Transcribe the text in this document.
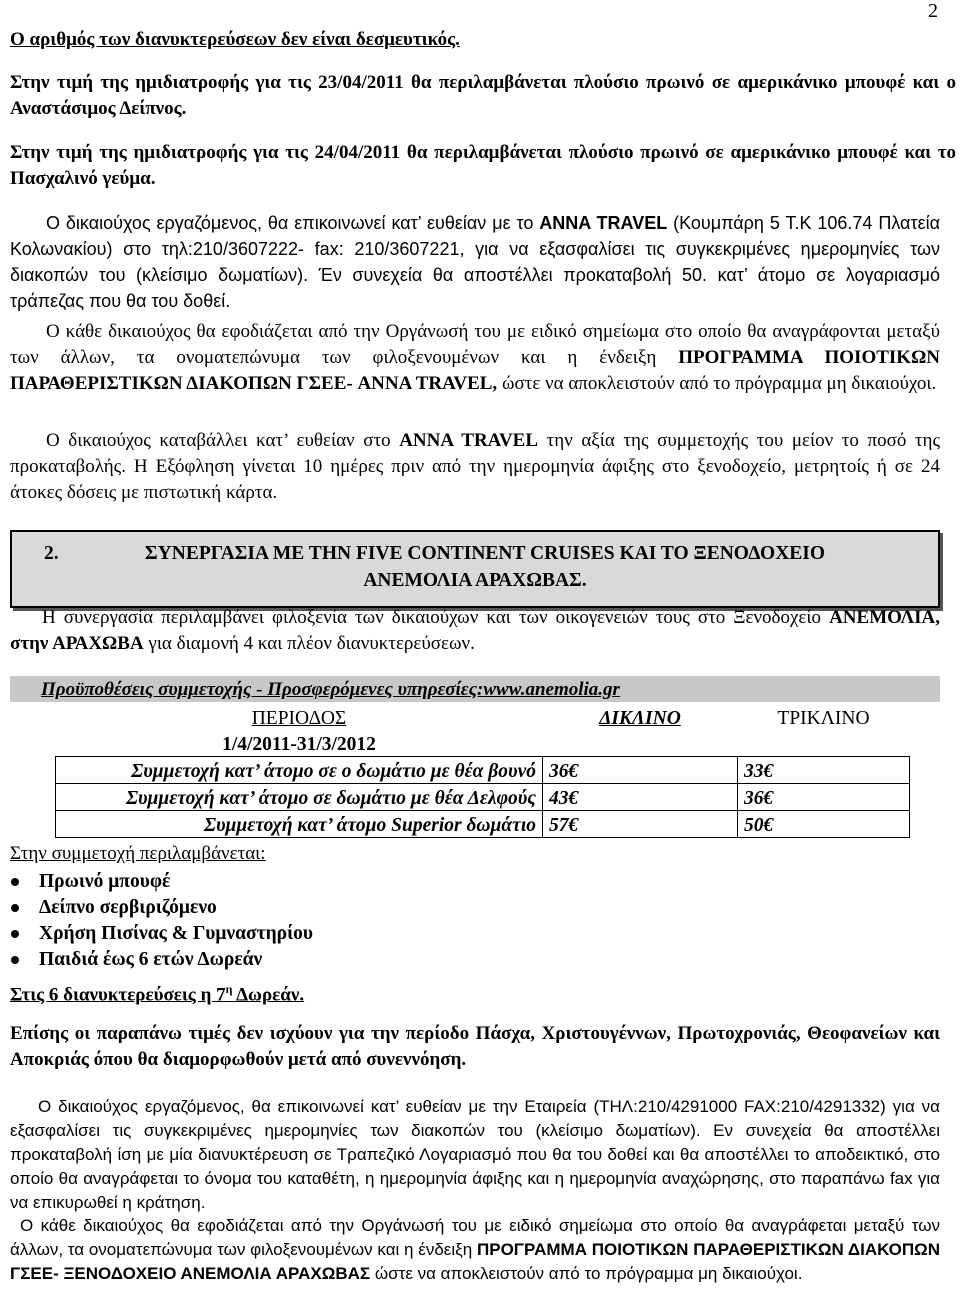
2

Ο αριθμός των διανυκτερεύσεων δεν είναι δεσμευτικός.

Στην τιμή της ημιδιατροφής για τις 23/04/2011 θα περιλαμβάνεται πλούσιο πρωινό σε αμερικάνικο μπουφέ και ο Αναστάσιμος Δείπνος.

Στην τιμή της ημιδιατροφής για τις 24/04/2011 θα περιλαμβάνεται πλούσιο πρωινό σε αμερικάνικο μπουφέ και το Πασχαλινό γεύμα.

Ο δικαιούχος εργαζόμενος, θα επικοινωνεί κατ’ ευθείαν με το ANNA TRAVEL (Κουμπάρη 5 Τ.Κ 106.74 Πλατεία Κολωνακίου) στο τηλ:210/3607222- fax: 210/3607221, για να εξασφαλίσει τις συγκεκριμένες ημερομηνίες των διακοπών του (κλείσιμο δωματίων). Έν συνεχεία θα αποστέλλει προκαταβολή 50. κατ’ άτομο σε λογαριασμό τράπεζας που θα του δοθεί.

Ο κάθε δικαιούχος θα εφοδιάζεται από την Οργάνωσή του με ειδικό σημείωμα στο οποίο θα αναγράφονται μεταξύ των άλλων, τα ονοματεπώνυμα των φιλοξενουμένων και η ένδειξη ΠΡΟΓΡΑΜΜΑ ΠΟΙΟΤΙΚΩΝ ΠΑΡΑΘΕΡΙΣΤΙΚΩΝ ΔΙΑΚΟΠΩΝ ΓΣΕΕ- ANNA TRAVEL, ώστε να αποκλειστούν από το πρόγραμμα μη δικαιούχοι.

Ο δικαιούχος καταβάλλει κατ’ ευθείαν στο ANNA TRAVEL την αξία της συμμετοχής του μείον το ποσό της προκαταβολής. Η Εξόφληση γίνεται 10 ημέρες πριν από την ημερομηνία άφιξης στο ξενοδοχείο, μετρητοίς ή σε 24 άτοκες δόσεις με πιστωτική κάρτα.

2.	ΣΥΝΕΡΓΑΣΙΑ ΜΕ ΤΗΝ FIVE CONTINENT CRUISES ΚΑΙ ΤΟ ΞΕΝΟΔΟΧΕΙΟ
ΑΝΕΜΟΛΙΑ ΑΡΑΧΩΒΑΣ.

Η συνεργασία περιλαμβάνει φιλοξενία των δικαιούχων και των οικογενειών τους στο Ξενοδοχείο ΑΝΕΜΟΛΙΑ, στην ΑΡΑΧΩΒΑ για διαμονή 4 και πλέον διανυκτερεύσεων.

Προϋποθέσεις συμμετοχής - Προσφερόμενες υπηρεσίες:www.anemolia.gr
ΠΕΡΙΟΔΟΣ	ΔΙΚΛΙΝΟ	ΤΡΙΚΛΙΝΟ
1/4/2011-31/3/2012		
Συμμετοχή κατ’ άτομο σε ο δωμάτιο με θέα βουνό	36€	33€
Συμμετοχή κατ’ άτομο σε δωμάτιο με θέα Δελφούς	43€	36€
Συμμετοχή κατ’ άτομο Superior δωμάτιο	57€	50€

Στην συμμετοχή περιλαμβάνεται:

Πρωινό μπουφέ
Δείπνο σερβιριζόμενο
Χρήση Πισίνας & Γυμναστηρίου
Παιδιά έως 6 ετών Δωρεάν

Στις 6 διανυκτερεύσεις η $7^\eta$ Δωρεάν.

Επίσης οι παραπάνω τιμές δεν ισχύουν για την περίοδο Πάσχα, Χριστουγέννων, Πρωτοχρονιάς, Θεοφανείων και Αποκριάς όπου θα διαμορφωθούν μετά από συνεννόηση.

Ο δικαιούχος εργαζόμενος, θα επικοινωνεί κατ’ ευθείαν με την Εταιρεία (ΤΗΛ:210/4291000 FAX:210/4291332) για να εξασφαλίσει τις συγκεκριμένες ημερομηνίες των διακοπών του (κλείσιμο δωματίων). Εν συνεχεία θα αποστέλλει προκαταβολή ίση με μία διανυκτέρευση σε Τραπεζικό Λογαριασμό που θα του δοθεί και θα αποστέλλει το αποδεικτικό, στο οποίο θα αναγράφεται το όνομα του καταθέτη, η ημερομηνία άφιξης και η ημερομηνία αναχώρησης, στο παραπάνω fax για να επικυρωθεί η κράτηση.

Ο κάθε δικαιούχος θα εφοδιάζεται από την Οργάνωσή του με ειδικό σημείωμα στο οποίο θα αναγράφεται μεταξύ των άλλων, τα ονοματεπώνυμα των φιλοξενουμένων και η ένδειξη ΠΡΟΓΡΑΜΜΑ ΠΟΙΟΤΙΚΩΝ ΠΑΡΑΘΕΡΙΣΤΙΚΩΝ ΔΙΑΚΟΠΩΝ ΓΣΕΕ- ΞΕΝΟΔΟΧΕΙΟ ΑΝΕΜΟΛΙΑ ΑΡΑΧΩΒΑΣ ώστε να αποκλειστούν από το πρόγραμμα μη δικαιούχοι.
